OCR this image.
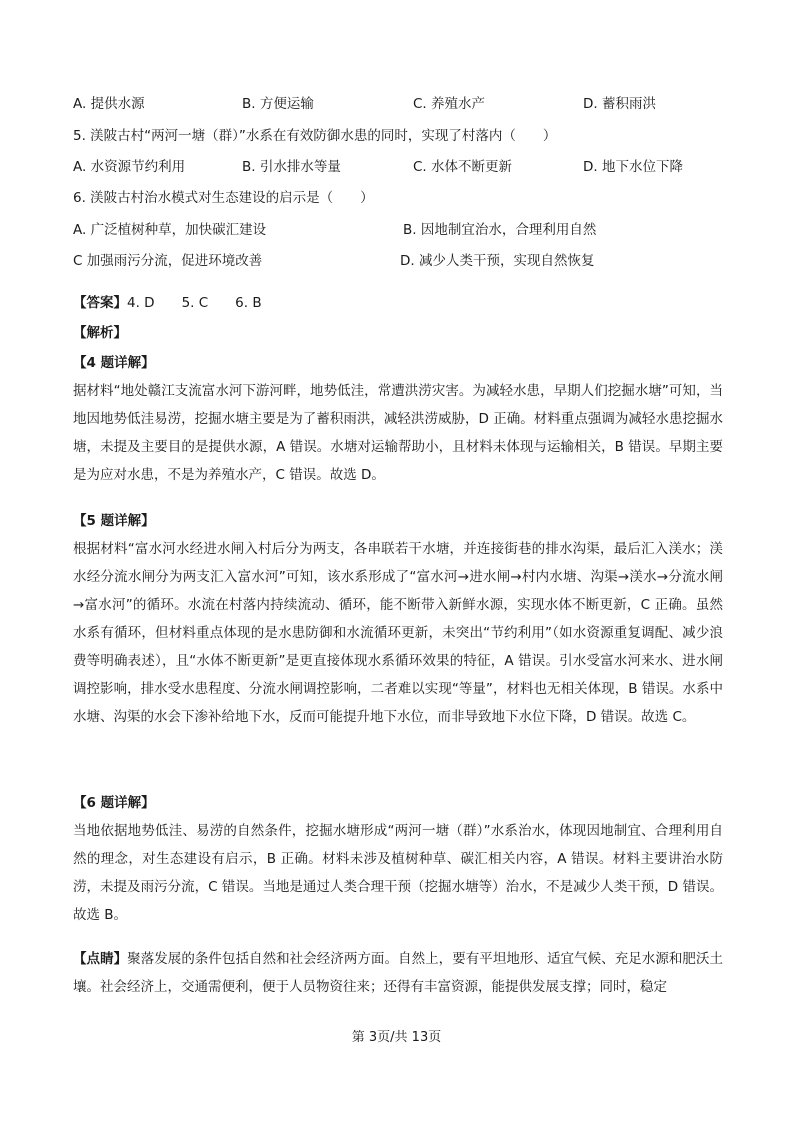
A. 提供水源	B. 方便运输	C. 养殖水产	D. 蓄积雨洪
5. 渼陂古村“两河一塘（群）”水系在有效防御水患的同时，实现了村落内（　　）
A. 水资源节约利用	B. 引水排水等量	C. 水体不断更新	D. 地下水位下降
6. 渼陂古村治水模式对生态建设的启示是（　　）
A. 广泛植树种草，加快碳汇建设	B. 因地制宜治水，合理利用自然
C 加强雨污分流，促进环境改善	D. 减少人类干预，实现自然恢复
【答案】4. D　　5. C　　6. B
【解析】
【4 题详解】
据材料“地处赣江支流富水河下游河畔，地势低洼，常遭洪涝灾害。为减轻水患，早期人们挖掘水塘”可知，当地因地势低洼易涝，挖掘水塘主要是为了蓄积雨洪，减轻洪涝威胁，D 正确。材料重点强调为减轻水患挖掘水塘，未提及主要目的是提供水源，A 错误。水塘对运输帮助小，且材料未体现与运输相关，B 错误。早期主要是为应对水患，不是为养殖水产，C 错误。故选 D。
【5 题详解】
根据材料“富水河水经进水闸入村后分为两支，各串联若干水塘，并连接街巷的排水沟渠，最后汇入渼水；渼水经分流水闸分为两支汇入富水河”可知，该水系形成了“富水河→进水闸→村内水塘、沟渠→渼水→分流水闸→富水河”的循环。水流在村落内持续流动、循环，能不断带入新鲜水源，实现水体不断更新，C 正确。虽然水系有循环，但材料重点体现的是水患防御和水流循环更新，未突出“节约利用”（如水资源重复调配、减少浪费等明确表述），且“水体不断更新”是更直接体现水系循环效果的特征，A 错误。引水受富水河来水、进水闸调控影响，排水受水患程度、分流水闸调控影响，二者难以实现“等量”，材料也无相关体现，B 错误。水系中水塘、沟渠的水会下渗补给地下水，反而可能提升地下水位，而非导致地下水位下降，D 错误。故选 C。
【6 题详解】
当地依据地势低洼、易涝的自然条件，挖掘水塘形成“两河一塘（群）”水系治水，体现因地制宜、合理利用自然的理念，对生态建设有启示，B 正确。材料未涉及植树种草、碳汇相关内容，A 错误。材料主要讲治水防涝，未提及雨污分流，C 错误。当地是通过人类合理干预（挖掘水塘等）治水，不是减少人类干预，D 错误。故选 B。
【点睛】聚落发展的条件包括自然和社会经济两方面。自然上，要有平坦地形、适宜气候、充足水源和肥沃土壤。社会经济上，交通需便利，便于人员物资往来；还得有丰富资源，能提供发展支撑；同时，稳定
第 3页/共 13页
